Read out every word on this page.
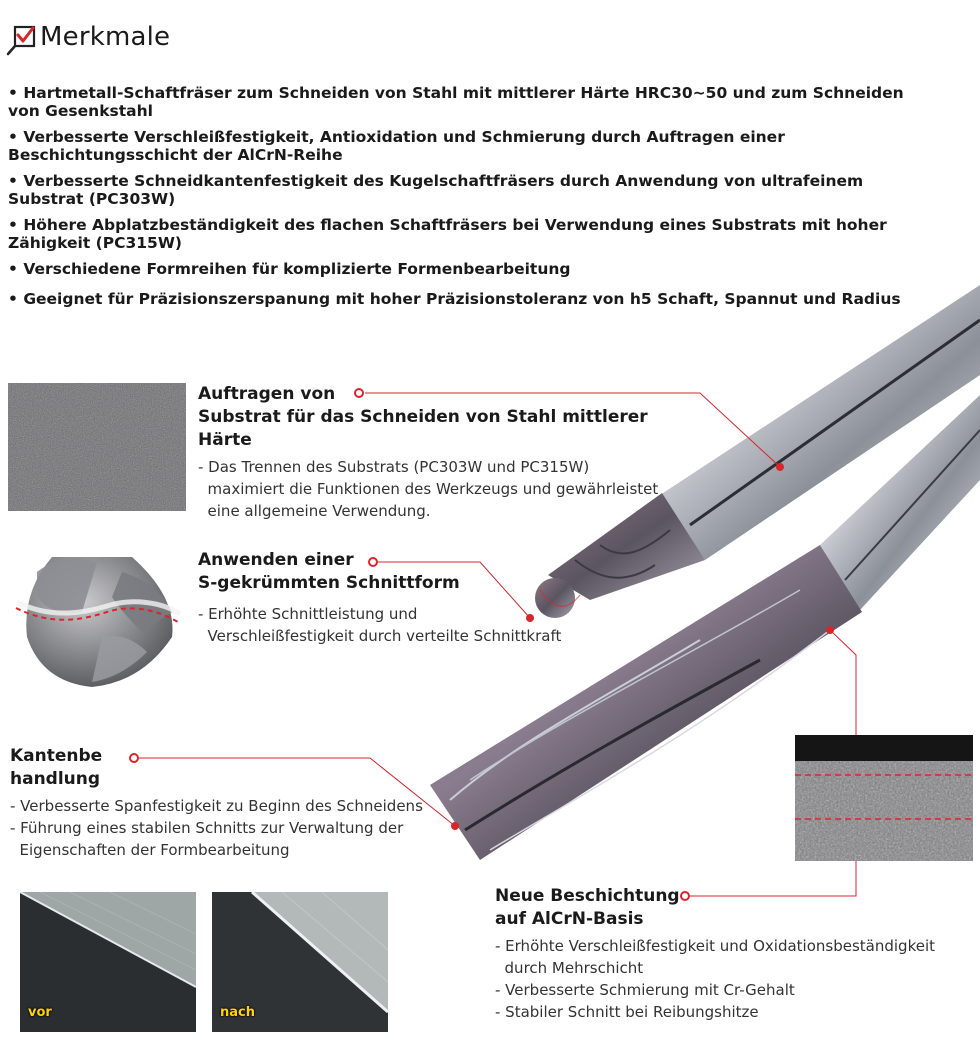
Merkmale
• Hartmetall-Schaftfräser zum Schneiden von Stahl mit mittlerer Härte HRC30~50 und zum Schneiden von Gesenkstahl
• Verbesserte Verschleißfestigkeit, Antioxidation und Schmierung durch Auftragen einer Beschichtungsschicht der AlCrN-Reihe
• Verbesserte Schneidkantenfestigkeit des Kugelschaftfräsers durch Anwendung von ultrafeinem Substrat (PC303W)
• Höhere Abplatzbeständigkeit des flachen Schaftfräsers bei Verwendung eines Substrats mit hoher Zähigkeit (PC315W)
• Verschiedene Formreihen für komplizierte Formenbearbeitung
• Geeignet für Präzisionszerspanung mit hoher Präzisionstoleranz von h5 Schaft, Spannut und Radius
vor	nach

Auftragen von

Substrat für das Schneiden von Stahl mittlerer Härte

- Das Trennen des Substrats (PC303W und PC315W)
maximiert die Funktionen des Werkzeugs und gewährleistet
eine allgemeine Verwendung.

Anwenden einer

S-gekrümmten Schnittform

- Erhöhte Schnittleistung und
Verschleißfestigkeit durch verteilte Schnittkraft

Kantenbe

handlung

- Verbesserte Spanfestigkeit zu Beginn des Schneidens
- Führung eines stabilen Schnitts zur Verwaltung der
Eigenschaften der Formbearbeitung

Neue Beschichtung

auf AlCrN-Basis

- Erhöhte Verschleißfestigkeit und Oxidationsbeständigkeit
durch Mehrschicht
- Verbesserte Schmierung mit Cr-Gehalt
- Stabiler Schnitt bei Reibungshitze
